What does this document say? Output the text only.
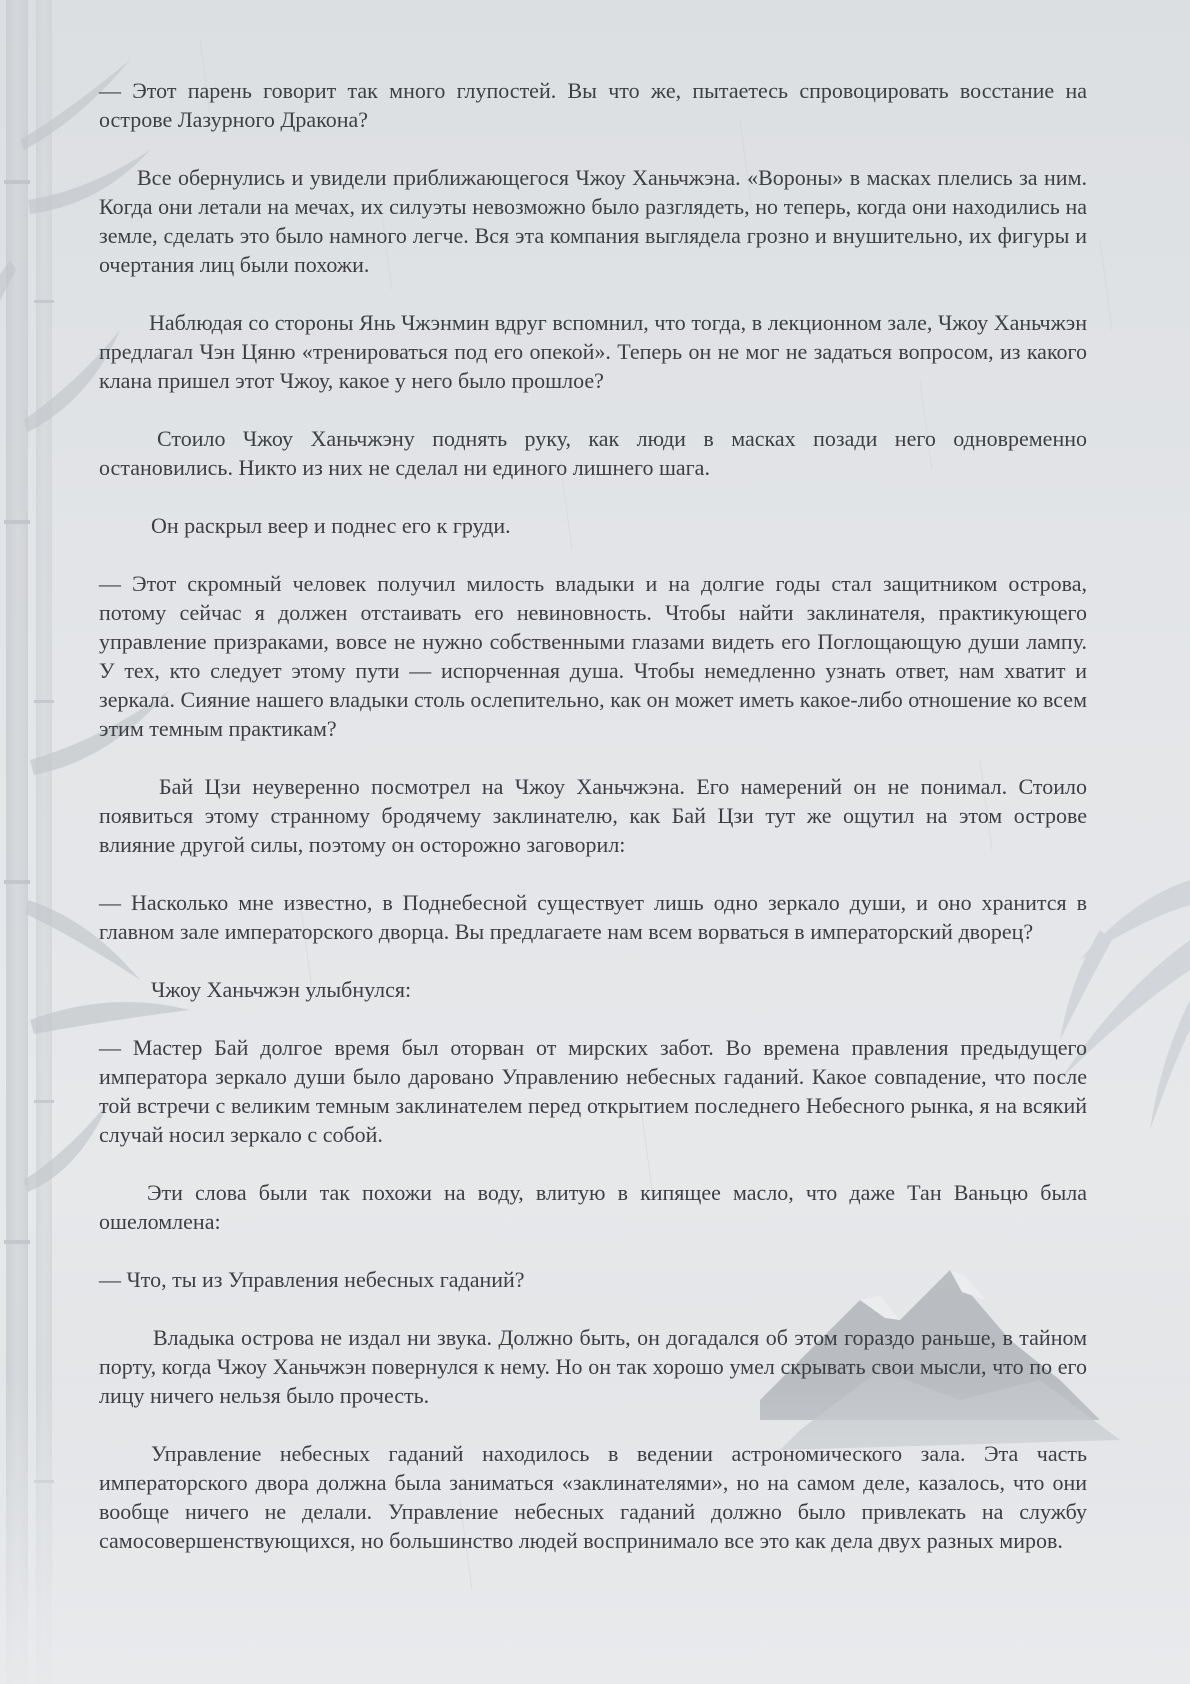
— Этот парень говорит так много глупостей. Вы что же, пытаетесь спровоцировать восстание на острове Лазурного Дракона?

Все обернулись и увидели приближающегося Чжоу Ханьчжэна. «Вороны» в масках плелись за ним. Когда они летали на мечах, их силуэты невозможно было разглядеть, но теперь, когда они находились на земле, сделать это было намного легче. Вся эта компания выглядела грозно и внушительно, их фигуры и очертания лиц были похожи.

Наблюдая со стороны Янь Чжэнмин вдруг вспомнил, что тогда, в лекционном зале, Чжоу Ханьчжэн предлагал Чэн Цяню «тренироваться под его опекой». Теперь он не мог не задаться вопросом, из какого клана пришел этот Чжоу, какое у него было прошлое?

Стоило Чжоу Ханьчжэну поднять руку, как люди в масках позади него одновременно остановились. Никто из них не сделал ни единого лишнего шага.

Он раскрыл веер и поднес его к груди.

— Этот скромный человек получил милость владыки и на долгие годы стал защитником острова, потому сейчас я должен отстаивать его невиновность. Чтобы найти заклинателя, практикующего управление призраками, вовсе не нужно собственными глазами видеть его Поглощающую души лампу. У тех, кто следует этому пути — испорченная душа. Чтобы немедленно узнать ответ, нам хватит и зеркала. Сияние нашего владыки столь ослепительно, как он может иметь какое-либо отношение ко всем этим темным практикам?

Бай Цзи неуверенно посмотрел на Чжоу Ханьчжэна. Его намерений он не понимал. Стоило появиться этому странному бродячему заклинателю, как Бай Цзи тут же ощутил на этом острове влияние другой силы, поэтому он осторожно заговорил:

— Насколько мне известно, в Поднебесной существует лишь одно зеркало души, и оно хранится в главном зале императорского дворца. Вы предлагаете нам всем ворваться в императорский дворец?

Чжоу Ханьчжэн улыбнулся:

— Мастер Бай долгое время был оторван от мирских забот. Во времена правления предыдущего императора зеркало души было даровано Управлению небесных гаданий. Какое совпадение, что после той встречи с великим темным заклинателем перед открытием последнего Небесного рынка, я на всякий случай носил зеркало с собой.

Эти слова были так похожи на воду, влитую в кипящее масло, что даже Тан Ваньцю была ошеломлена:

— Что, ты из Управления небесных гаданий?

Владыка острова не издал ни звука. Должно быть, он догадался об этом гораздо раньше, в тайном порту, когда Чжоу Ханьчжэн повернулся к нему. Но он так хорошо умел скрывать свои мысли, что по его лицу ничего нельзя было прочесть.

Управление небесных гаданий находилось в ведении астрономического зала. Эта часть императорского двора должна была заниматься «заклинателями», но на самом деле, казалось, что они вообще ничего не делали. Управление небесных гаданий должно было привлекать на службу самосовершенствующихся, но большинство людей воспринимало все это как дела двух разных миров.
